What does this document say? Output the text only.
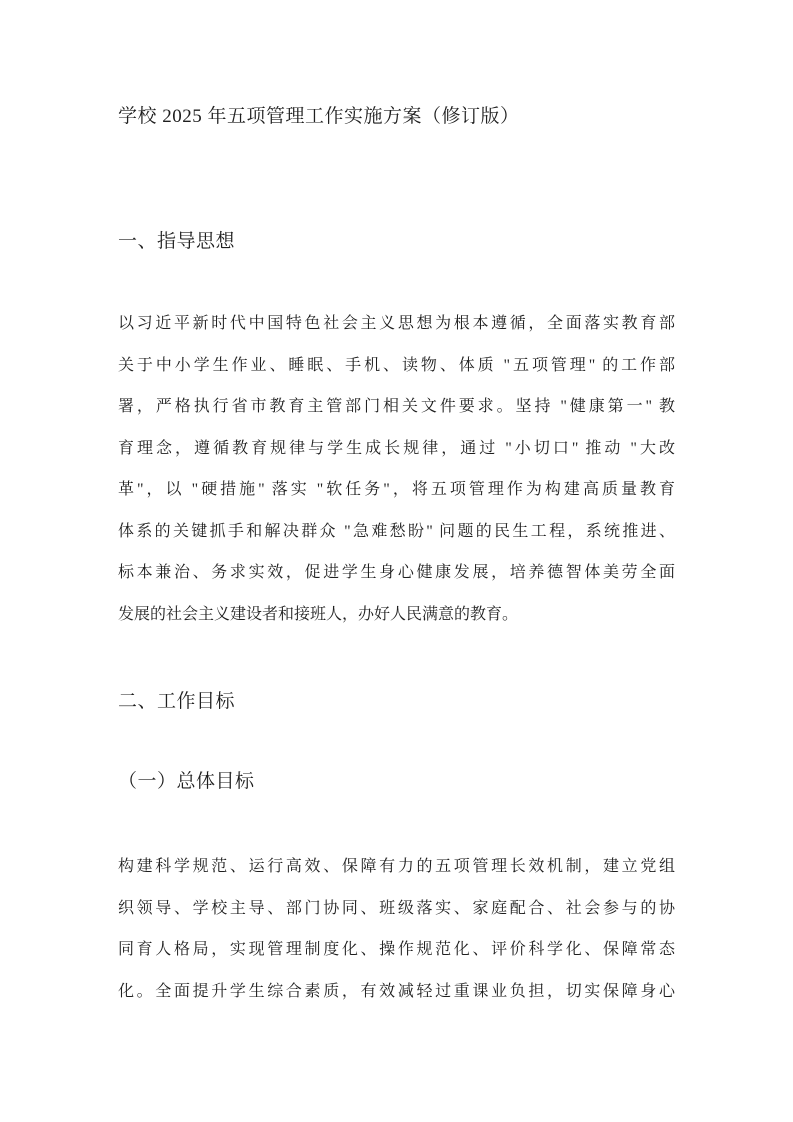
学校 2025 年五项管理工作实施方案（修订版）
一、指导思想
以习近平新时代中国特色社会主义思想为根本遵循，全面落实教育部
关于中小学生作业、睡眠、手机、读物、体质 "五项管理" 的工作部
署，严格执行省市教育主管部门相关文件要求。坚持 "健康第一" 教
育理念，遵循教育规律与学生成长规律，通过 "小切口" 推动 "大改
革"，以 "硬措施" 落实 "软任务"，将五项管理作为构建高质量教育
体系的关键抓手和解决群众 "急难愁盼" 问题的民生工程，系统推进、
标本兼治、务求实效，促进学生身心健康发展，培养德智体美劳全面
发展的社会主义建设者和接班人，办好人民满意的教育。
二、工作目标
（一）总体目标
构建科学规范、运行高效、保障有力的五项管理长效机制，建立党组
织领导、学校主导、部门协同、班级落实、家庭配合、社会参与的协
同育人格局，实现管理制度化、操作规范化、评价科学化、保障常态
化。全面提升学生综合素质，有效减轻过重课业负担，切实保障身心
